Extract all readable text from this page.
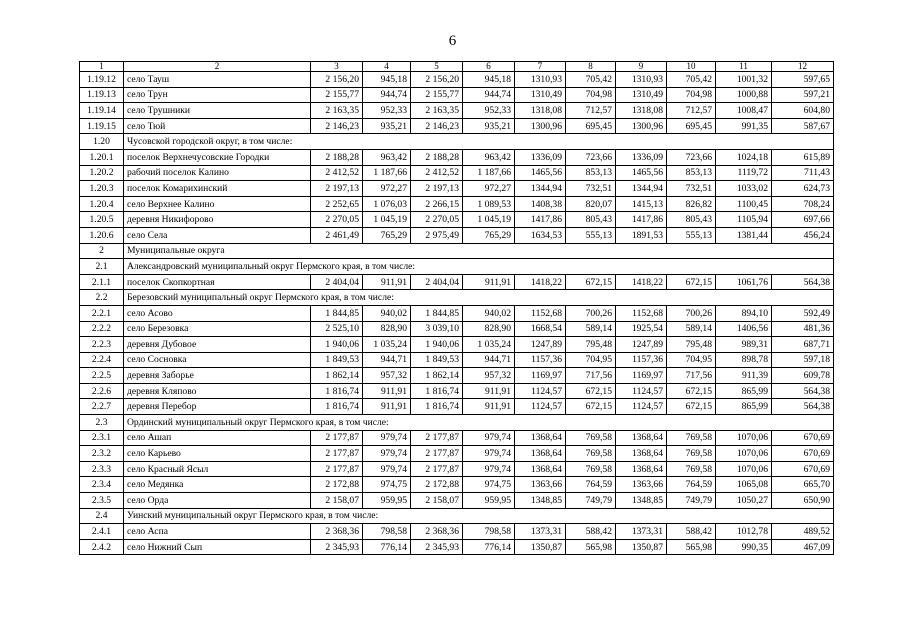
6
1	2	3	4	5	6	7	8	9	10	11	12
1.19.12	село Тауш	2 156,20	945,18	2 156,20	945,18	1310,93	705,42	1310,93	705,42	1001,32	597,65
1.19.13	село Трун	2 155,77	944,74	2 155,77	944,74	1310,49	704,98	1310,49	704,98	1000,88	597,21
1.19.14	село Трушники	2 163,35	952,33	2 163,35	952,33	1318,08	712,57	1318,08	712,57	1008,47	604,80
1.19.15	село Тюй	2 146,23	935,21	2 146,23	935,21	1300,96	695,45	1300,96	695,45	991,35	587,67
1.20	Чусовской городской округ, в том числе:										
1.20.1	поселок Верхнечусовские Городки	2 188,28	963,42	2 188,28	963,42	1336,09	723,66	1336,09	723,66	1024,18	615,89
1.20.2	рабочий поселок Калино	2 412,52	1 187,66	2 412,52	1 187,66	1465,56	853,13	1465,56	853,13	1119,72	711,43
1.20.3	поселок Комарихинский	2 197,13	972,27	2 197,13	972,27	1344,94	732,51	1344,94	732,51	1033,02	624,73
1.20.4	село Верхнее Калино	2 252,65	1 076,03	2 266,15	1 089,53	1408,38	820,07	1415,13	826,82	1100,45	708,24
1.20.5	деревня Никифорово	2 270,05	1 045,19	2 270,05	1 045,19	1417,86	805,43	1417,86	805,43	1105,94	697,66
1.20.6	село Села	2 461,49	765,29	2 975,49	765,29	1634,53	555,13	1891,53	555,13	1381,44	456,24
2	Муниципальные округа										
2.1	Александровский муниципальный округ Пермского края, в том числе:										
2.1.1	поселок Скопкортная	2 404,04	911,91	2 404,04	911,91	1418,22	672,15	1418,22	672,15	1061,76	564,38
2.2	Березовский муниципальный округ Пермского края, в том числе:										
2.2.1	село Асово	1 844,85	940,02	1 844,85	940,02	1152,68	700,26	1152,68	700,26	894,10	592,49
2.2.2	село Березовка	2 525,10	828,90	3 039,10	828,90	1668,54	589,14	1925,54	589,14	1406,56	481,36
2.2.3	деревня Дубовое	1 940,06	1 035,24	1 940,06	1 035,24	1247,89	795,48	1247,89	795,48	989,31	687,71
2.2.4	село Сосновка	1 849,53	944,71	1 849,53	944,71	1157,36	704,95	1157,36	704,95	898,78	597,18
2.2.5	деревня Заборье	1 862,14	957,32	1 862,14	957,32	1169,97	717,56	1169,97	717,56	911,39	609,78
2.2.6	деревня Кляпово	1 816,74	911,91	1 816,74	911,91	1124,57	672,15	1124,57	672,15	865,99	564,38
2.2.7	деревня Перебор	1 816,74	911,91	1 816,74	911,91	1124,57	672,15	1124,57	672,15	865,99	564,38
2.3	Ординский муниципальный округ Пермского края, в том числе:										
2.3.1	село Ашап	2 177,87	979,74	2 177,87	979,74	1368,64	769,58	1368,64	769,58	1070,06	670,69
2.3.2	село Карьево	2 177,87	979,74	2 177,87	979,74	1368,64	769,58	1368,64	769,58	1070,06	670,69
2.3.3	село Красный Ясыл	2 177,87	979,74	2 177,87	979,74	1368,64	769,58	1368,64	769,58	1070,06	670,69
2.3.4	село Медянка	2 172,88	974,75	2 172,88	974,75	1363,66	764,59	1363,66	764,59	1065,08	665,70
2.3.5	село Орда	2 158,07	959,95	2 158,07	959,95	1348,85	749,79	1348,85	749,79	1050,27	650,90
2.4	Уинский муниципальный округ Пермского края, в том числе:										
2.4.1	село Аспа	2 368,36	798,58	2 368,36	798,58	1373,31	588,42	1373,31	588,42	1012,78	489,52
2.4.2	село Нижний Сып	2 345,93	776,14	2 345,93	776,14	1350,87	565,98	1350,87	565,98	990,35	467,09
